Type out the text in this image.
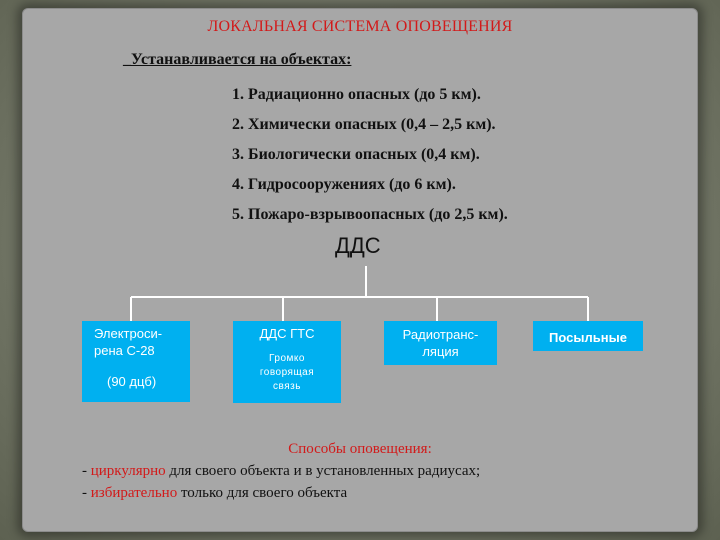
ЛОКАЛЬНАЯ СИСТЕМА ОПОВЕЩЕНИЯ
_Устанавливается на объектах:
1. Радиационно опасных (до 5 км).
2. Химически опасных (0,4 – 2,5 км).
3. Биологически опасных (0,4 км).
4. Гидросооружениях (до 6 км).
5. Пожаро-взрывоопасных (до 2,5 км).
ДДС
Электроси-
рена С-28
(90 дцб)
ДДС ГТС
Громко
говорящая
связь
Радиотранс-
ляция
Посыльные
Способы оповещения:
- циркулярно для своего объекта и в установленных радиусах;
- избирательно только для своего объекта
